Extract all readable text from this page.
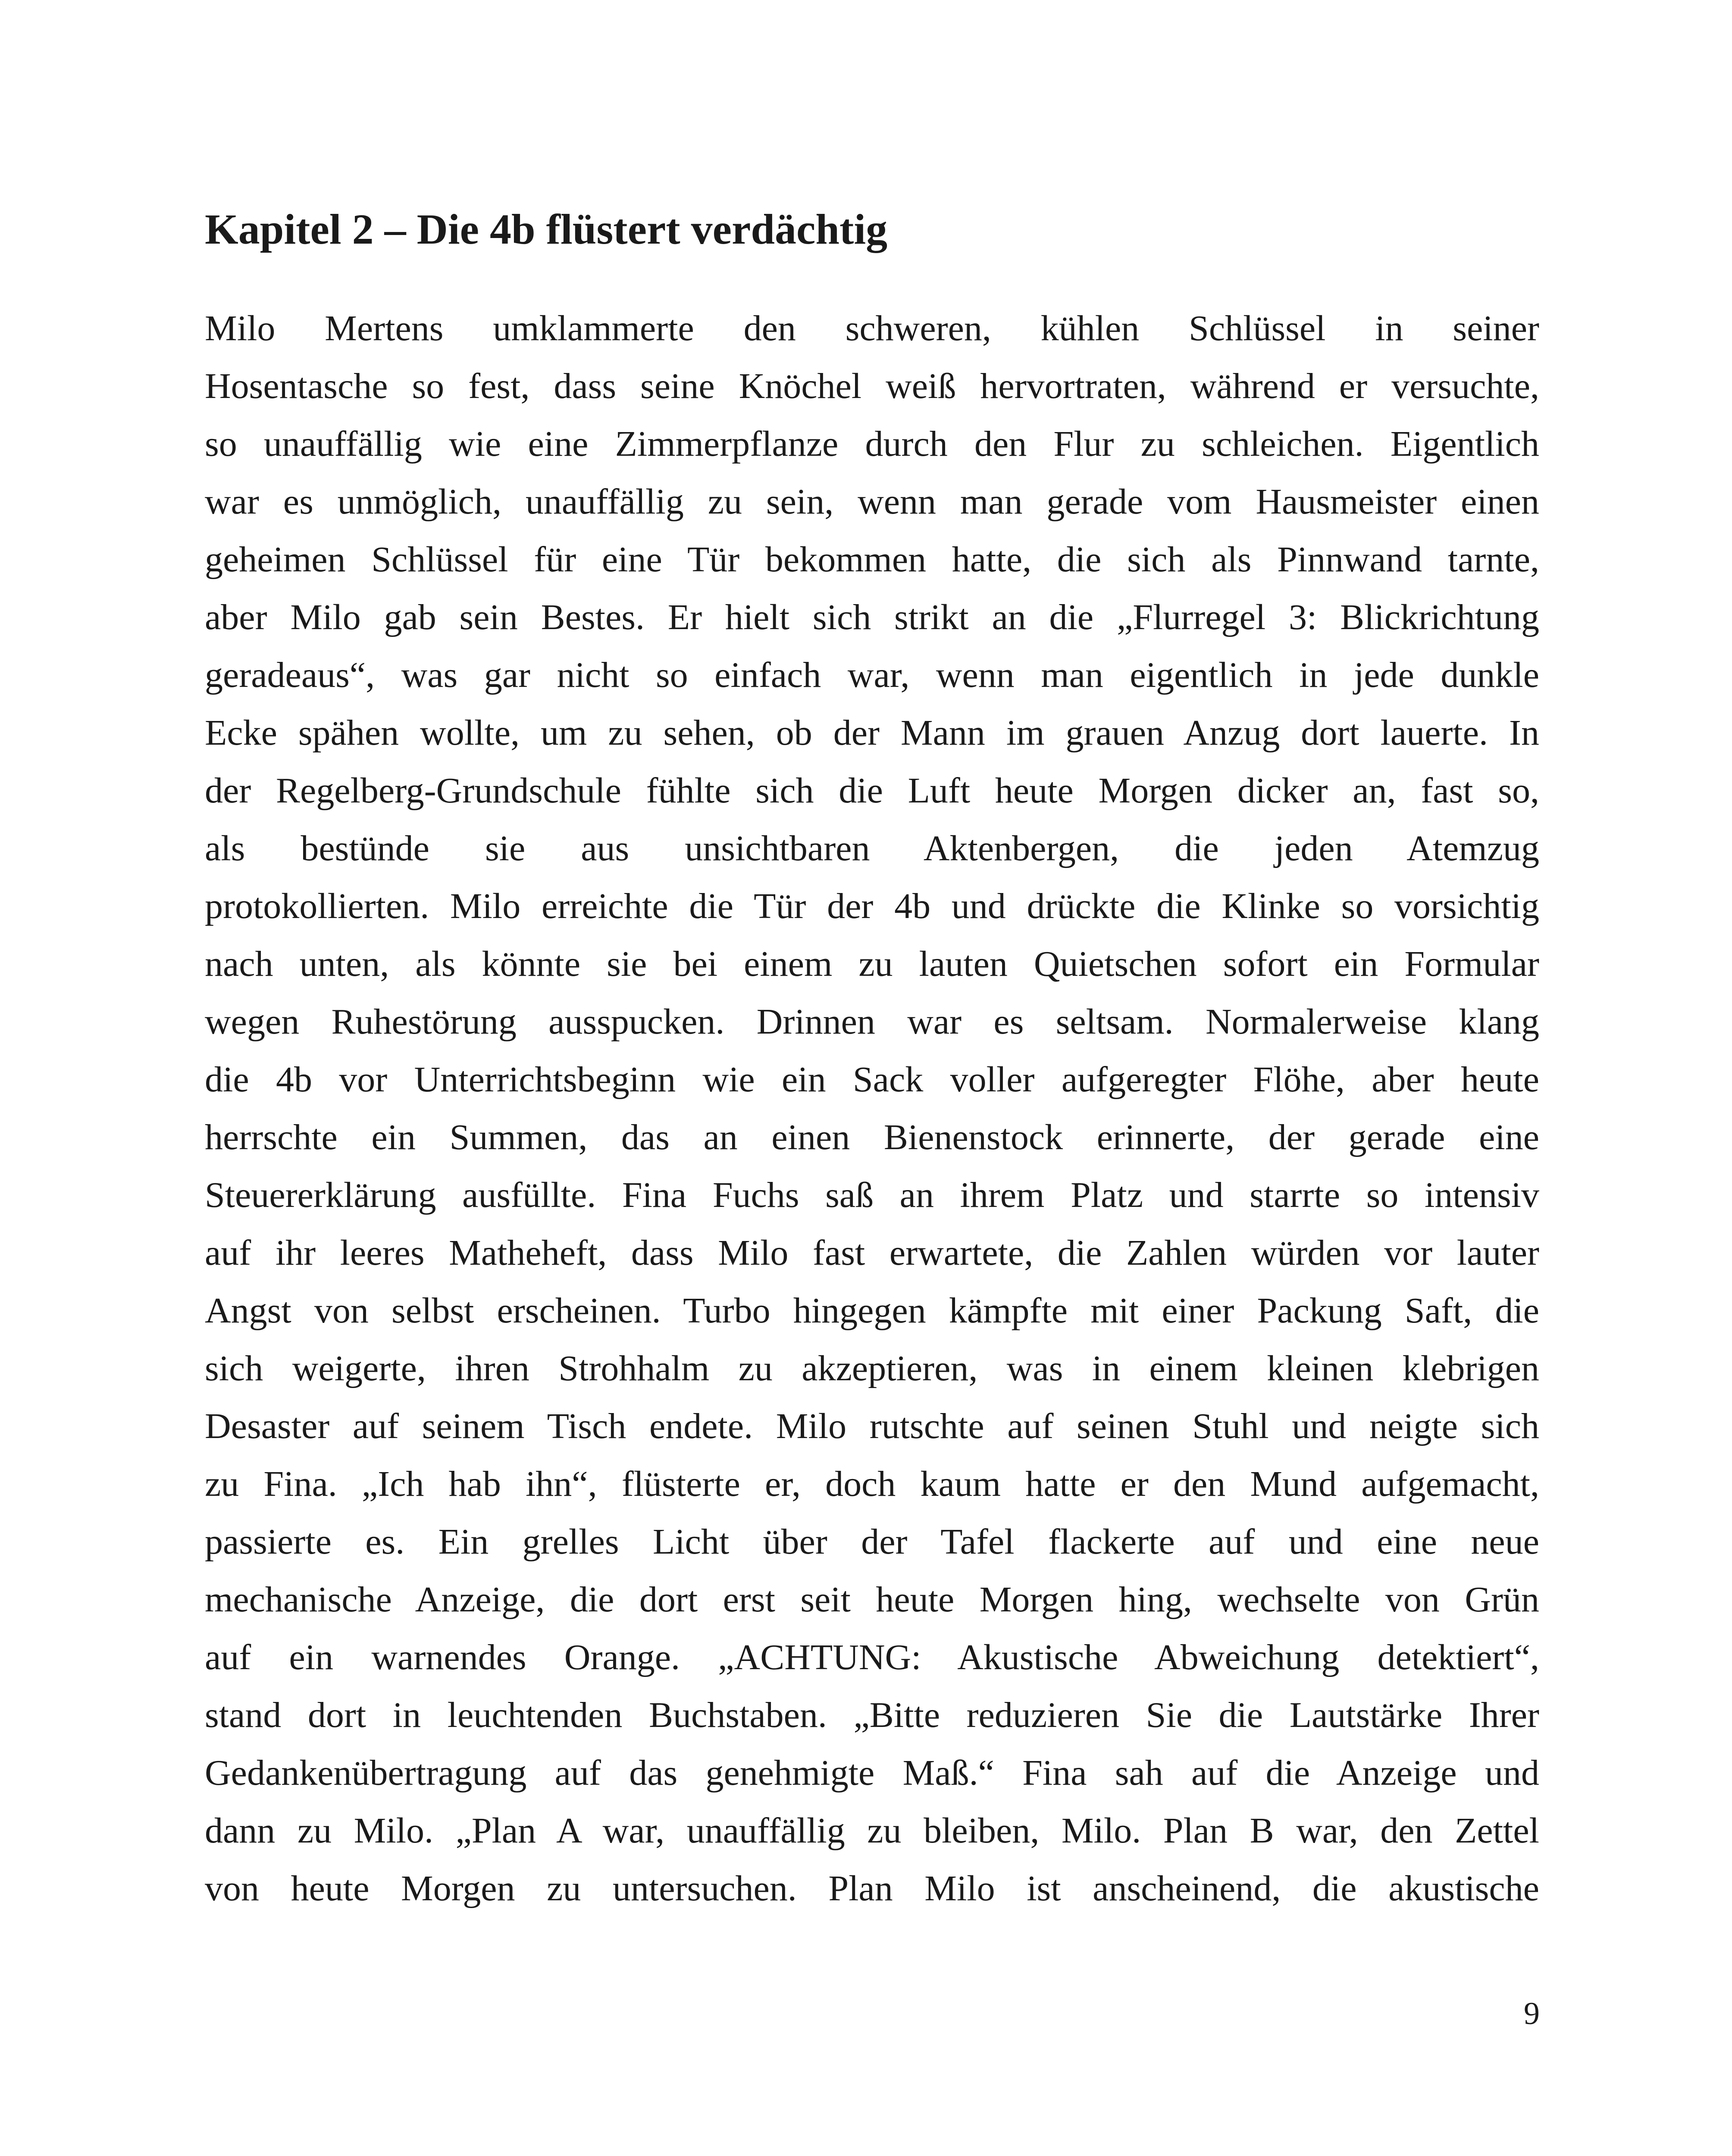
Kapitel 2 – Die 4b flüstert verdächtig
Milo Mertens umklammerte den schweren, kühlen Schlüssel in seiner
Hosentasche so fest, dass seine Knöchel weiß hervortraten, während er versuchte,
so unauffällig wie eine Zimmerpflanze durch den Flur zu schleichen. Eigentlich
war es unmöglich, unauffällig zu sein, wenn man gerade vom Hausmeister einen
geheimen Schlüssel für eine Tür bekommen hatte, die sich als Pinnwand tarnte,
aber Milo gab sein Bestes. Er hielt sich strikt an die „Flurregel 3: Blickrichtung
geradeaus“, was gar nicht so einfach war, wenn man eigentlich in jede dunkle
Ecke spähen wollte, um zu sehen, ob der Mann im grauen Anzug dort lauerte. In
der Regelberg-Grundschule fühlte sich die Luft heute Morgen dicker an, fast so,
als bestünde sie aus unsichtbaren Aktenbergen, die jeden Atemzug
protokollierten. Milo erreichte die Tür der 4b und drückte die Klinke so vorsichtig
nach unten, als könnte sie bei einem zu lauten Quietschen sofort ein Formular
wegen Ruhestörung ausspucken. Drinnen war es seltsam. Normalerweise klang
die 4b vor Unterrichtsbeginn wie ein Sack voller aufgeregter Flöhe, aber heute
herrschte ein Summen, das an einen Bienenstock erinnerte, der gerade eine
Steuererklärung ausfüllte. Fina Fuchs saß an ihrem Platz und starrte so intensiv
auf ihr leeres Matheheft, dass Milo fast erwartete, die Zahlen würden vor lauter
Angst von selbst erscheinen. Turbo hingegen kämpfte mit einer Packung Saft, die
sich weigerte, ihren Strohhalm zu akzeptieren, was in einem kleinen klebrigen
Desaster auf seinem Tisch endete. Milo rutschte auf seinen Stuhl und neigte sich
zu Fina. „Ich hab ihn“, flüsterte er, doch kaum hatte er den Mund aufgemacht,
passierte es. Ein grelles Licht über der Tafel flackerte auf und eine neue
mechanische Anzeige, die dort erst seit heute Morgen hing, wechselte von Grün
auf ein warnendes Orange. „ACHTUNG: Akustische Abweichung detektiert“,
stand dort in leuchtenden Buchstaben. „Bitte reduzieren Sie die Lautstärke Ihrer
Gedankenübertragung auf das genehmigte Maß.“ Fina sah auf die Anzeige und
dann zu Milo. „Plan A war, unauffällig zu bleiben, Milo. Plan B war, den Zettel
von heute Morgen zu untersuchen. Plan Milo ist anscheinend, die akustische
9
